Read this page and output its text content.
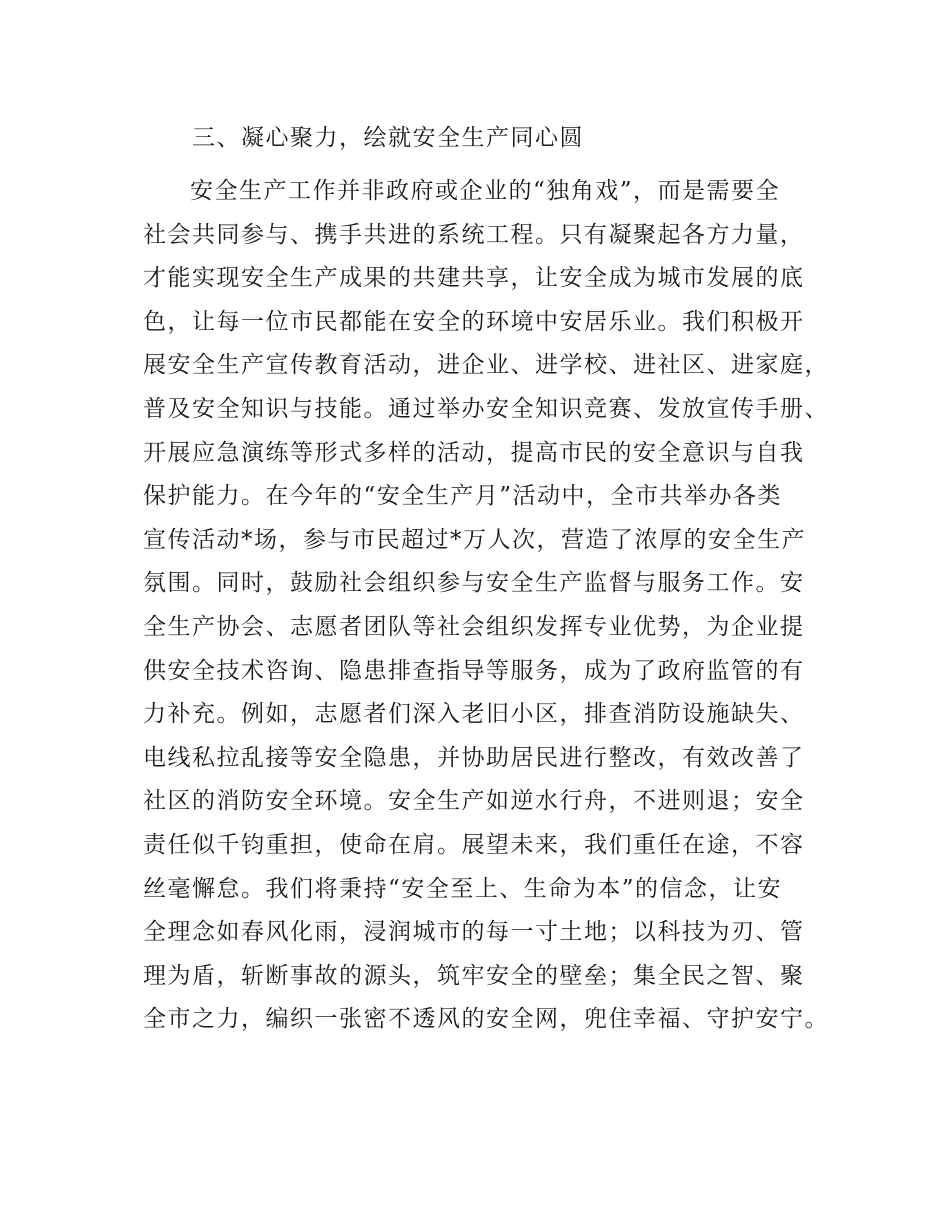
三、凝心聚力，绘就安全生产同心圆
安全生产工作并非政府或企业的“独角戏”，而是需要全
社会共同参与、携手共进的系统工程。只有凝聚起各方力量，
才能实现安全生产成果的共建共享，让安全成为城市发展的底
色，让每一位市民都能在安全的环境中安居乐业。我们积极开
展安全生产宣传教育活动，进企业、进学校、进社区、进家庭，
普及安全知识与技能。通过举办安全知识竞赛、发放宣传手册、
开展应急演练等形式多样的活动，提高市民的安全意识与自我
保护能力。在今年的“安全生产月”活动中，全市共举办各类
宣传活动*场，参与市民超过*万人次，营造了浓厚的安全生产
氛围。同时，鼓励社会组织参与安全生产监督与服务工作。安
全生产协会、志愿者团队等社会组织发挥专业优势，为企业提
供安全技术咨询、隐患排查指导等服务，成为了政府监管的有
力补充。例如，志愿者们深入老旧小区，排查消防设施缺失、
电线私拉乱接等安全隐患，并协助居民进行整改，有效改善了
社区的消防安全环境。安全生产如逆水行舟，不进则退；安全
责任似千钧重担，使命在肩。展望未来，我们重任在途，不容
丝毫懈怠。我们将秉持“安全至上、生命为本”的信念，让安
全理念如春风化雨，浸润城市的每一寸土地；以科技为刃、管
理为盾，斩断事故的源头，筑牢安全的壁垒；集全民之智、聚
全市之力，编织一张密不透风的安全网，兜住幸福、守护安宁。
